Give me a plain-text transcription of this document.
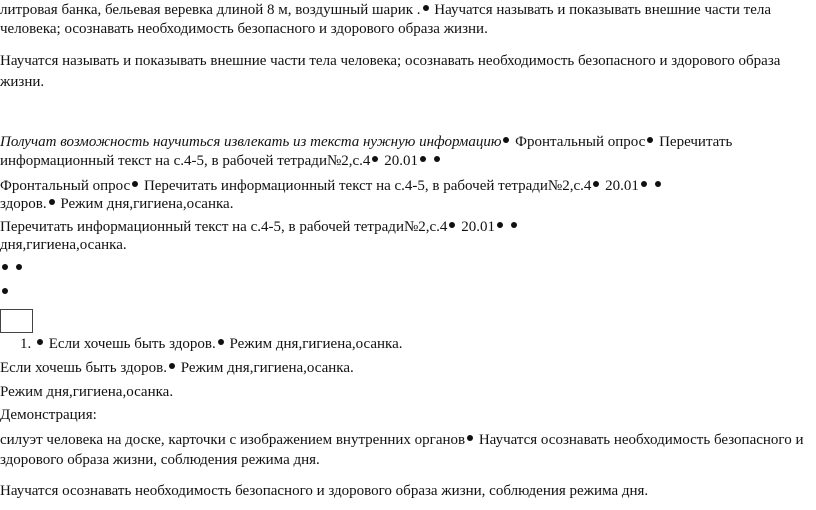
литровая банка, бельевая веревка длиной 8 м, воздушный шарик . Научатся называть и показывать внешние части тела
человека; осознавать необходимость безопасного и здорового образа жизни.
Научатся называть и показывать внешние части тела человека; осознавать необходимость безопасного и здорового образа
жизни.
Получат возможность научиться извлекать из текста нужную информацию Фронтальный опрос Перечитать
информационный текст на с.4-5, в рабочей тетради№2,с.4 20.01
Фронтальный опрос Перечитать информационный текст на с.4-5, в рабочей тетради№2,с.4 20.01
здоров. Режим дня,гигиена,осанка.
Перечитать информационный текст на с.4-5, в рабочей тетради№2,с.4 20.01
дня,гигиена,осанка.

1.  Если хочешь быть здоров. Режим дня,гигиена,осанка.
Если хочешь быть здоров. Режим дня,гигиена,осанка.
Режим дня,гигиена,осанка.
Демонстрация:
силуэт человека на доске, карточки с изображением внутренних органов Научатся осознавать необходимость безопасного и
здорового образа жизни, соблюдения режима дня.
Научатся осознавать необходимость безопасного и здорового образа жизни, соблюдения режима дня.
